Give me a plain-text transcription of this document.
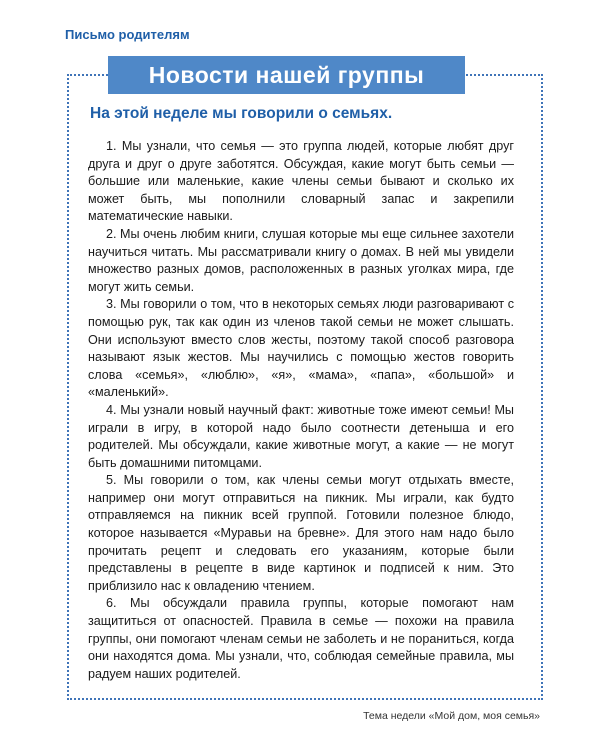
Письмо родителям
Новости нашей группы
На этой неделе мы говорили о семьях.

1. Мы узнали, что семья — это группа людей, которые любят друг друга и друг о друге заботятся. Обсуждая, какие могут быть семьи — большие или маленькие, какие члены семьи бывают и сколько их может быть, мы пополнили словарный запас и закрепили математические навыки.

2. Мы очень любим книги, слушая которые мы еще сильнее захотели научиться читать. Мы рассматривали книгу о домах. В ней мы увидели множество разных домов, расположенных в разных уголках мира, где могут жить семьи.

3. Мы говорили о том, что в некоторых семьях люди разговаривают с помощью рук, так как один из членов такой семьи не может слышать. Они используют вместо слов жесты, поэтому такой способ разговора называют язык жестов. Мы научились с помощью жестов говорить слова «семья», «люблю», «я», «мама», «папа», «большой» и «маленький».

4. Мы узнали новый научный факт: животные тоже имеют семьи! Мы играли в игру, в которой надо было соотнести детеныша и его родителей. Мы обсуждали, какие животные могут, а какие — не могут быть домашними питомцами.

5. Мы говорили о том, как члены семьи могут отдыхать вместе, например они могут отправиться на пикник. Мы играли, как будто отправляемся на пикник всей группой. Готовили полезное блюдо, которое называется «Муравьи на бревне». Для этого нам надо было прочитать рецепт и следовать его указаниям, которые были представлены в рецепте в виде картинок и подписей к ним. Это приблизило нас к овладению чтением.

6. Мы обсуждали правила группы, которые помогают нам защититься от опасностей. Правила в семье — похожи на правила группы, они помогают членам семьи не заболеть и не пораниться, когда они находятся дома. Мы узнали, что, соблюдая семейные правила, мы радуем наших родителей.

Тема недели «Мой дом, моя семья»
